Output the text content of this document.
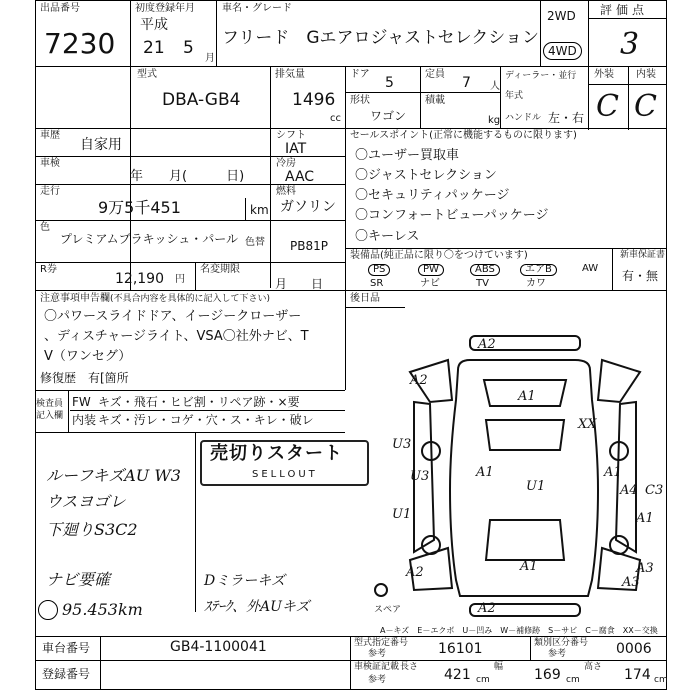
出品番号
7230
初度登録年月
平成
21 5
月
車名・グレード
フリード　Gエアロジャストセレクション
2WD
4WD
評価点
3
型式
DBA-GB4
排気量
1496
cc
ドア
5
定員
7 人
形状
ワゴン
積載
kg
ディーラー・並行
年式
ハンドル 左・右
外装 内装
C C
車歴
自家用
車検
年　　月(　　　日)
走行
9万5千451	km
色
プレミアムブラキッシュ・パール 色替 PB81P
R券
12,190 円
名変期限
月　　日
シフト
IAT
冷房
AAC
燃料
ガソリン
セールスポイント(正常に機能するものに限ります)
〇ユーザー買取車
〇ジャストセレクション
〇セキュリティパッケージ
〇コンフォートビューパッケージ
〇キーレス
装備品(純正品に限り〇をつけています)	新車保証書
有・無
PS	PW	ABS	エアB	AW
SR	ナビ	TV	カワ
後日品
注意事項申告欄 (不具合内容を具体的に記入して下さい)
〇パワースライドドア、イージークローザー
、ディスチャージライト、VSA〇社外ナビ、T
V（ワンセグ）
修復歴　有[箇所
検査員
記入欄
FW キズ・飛石・ヒビ割・リペア跡・×要
内装 キズ・汚レ・コゲ・穴・ス・キレ・破レ
ルーフキズAU W3
ウスヨゴレ
下廻りS3C2
ナビ要確
95.453km
売切りスタート
SELLOUT
Dミラーキズ
ｽﾃｰｸ、外AUキズ
A2
A2
A1
XX
U3
U3	A1
U1
U1
A1
A4 C3
A1
A1
A3
A2	A3
A2
スペア
A－キズ　E－エクボ　U－凹み　W－補修跡　S－サビ　C－腐食　XX－交換
車台番号	GB4-1100041
登録番号
型式指定番号
参考	16101	類別区分番号
参考	0006
車検証記載
参考
長さ 421 cm
幅 169 cm
高さ 174 cm
